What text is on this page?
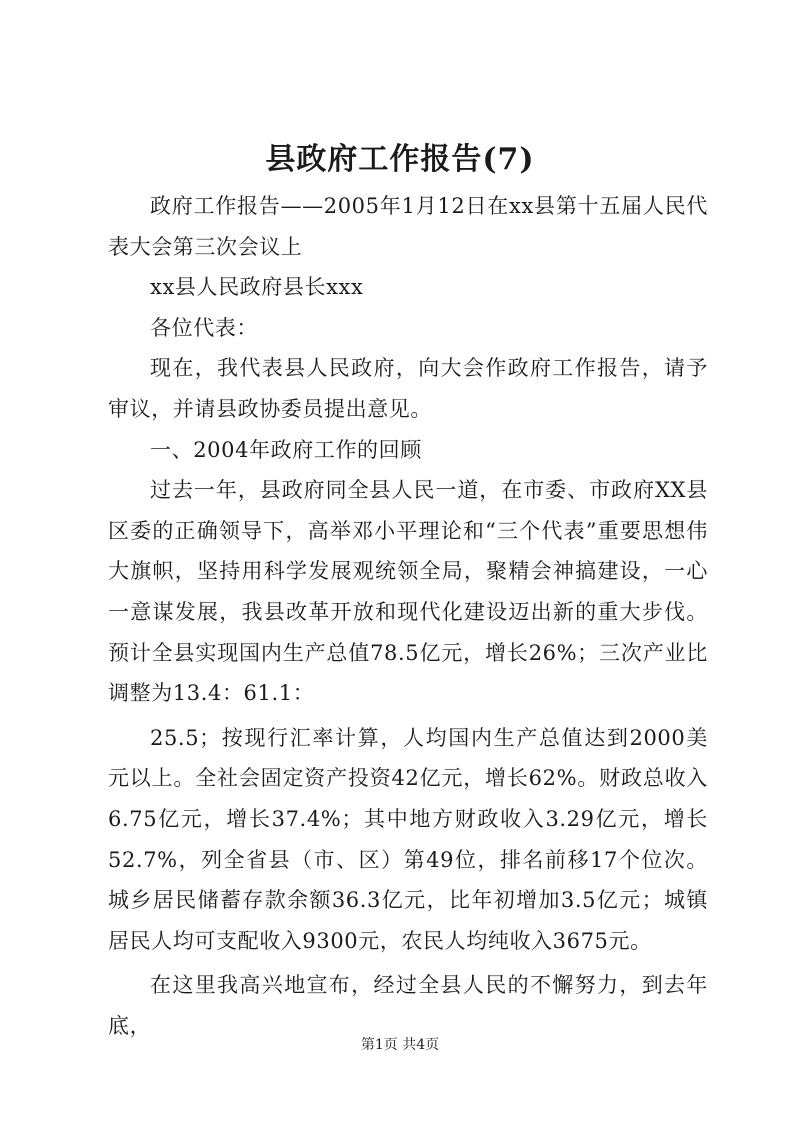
县政府工作报告(7)

政府工作报告——2005年1月12日在xx县第十五届人民代表大会第三次会议上

xx县人民政府县长xxx

各位代表：

现在，我代表县人民政府，向大会作政府工作报告，请予审议，并请县政协委员提出意见。

一、2004年政府工作的回顾

过去一年，县政府同全县人民一道，在市委、市政府XX县区委的正确领导下，高举邓小平理论和“三个代表”重要思想伟大旗帜，坚持用科学发展观统领全局，聚精会神搞建设，一心一意谋发展，我县改革开放和现代化建设迈出新的重大步伐。预计全县实现国内生产总值78.5亿元，增长26%；三次产业比调整为13.4：61.1：

25.5；按现行汇率计算，人均国内生产总值达到2000美元以上。全社会固定资产投资42亿元，增长62%。财政总收入6.75亿元，增长37.4%；其中地方财政收入3.29亿元，增长52.7%，列全省县（市、区）第49位，排名前移17个位次。城乡居民储蓄存款余额36.3亿元，比年初增加3.5亿元；城镇居民人均可支配收入9300元，农民人均纯收入3675元。

在这里我高兴地宣布，经过全县人民的不懈努力，到去年底，

第1页 共4页
